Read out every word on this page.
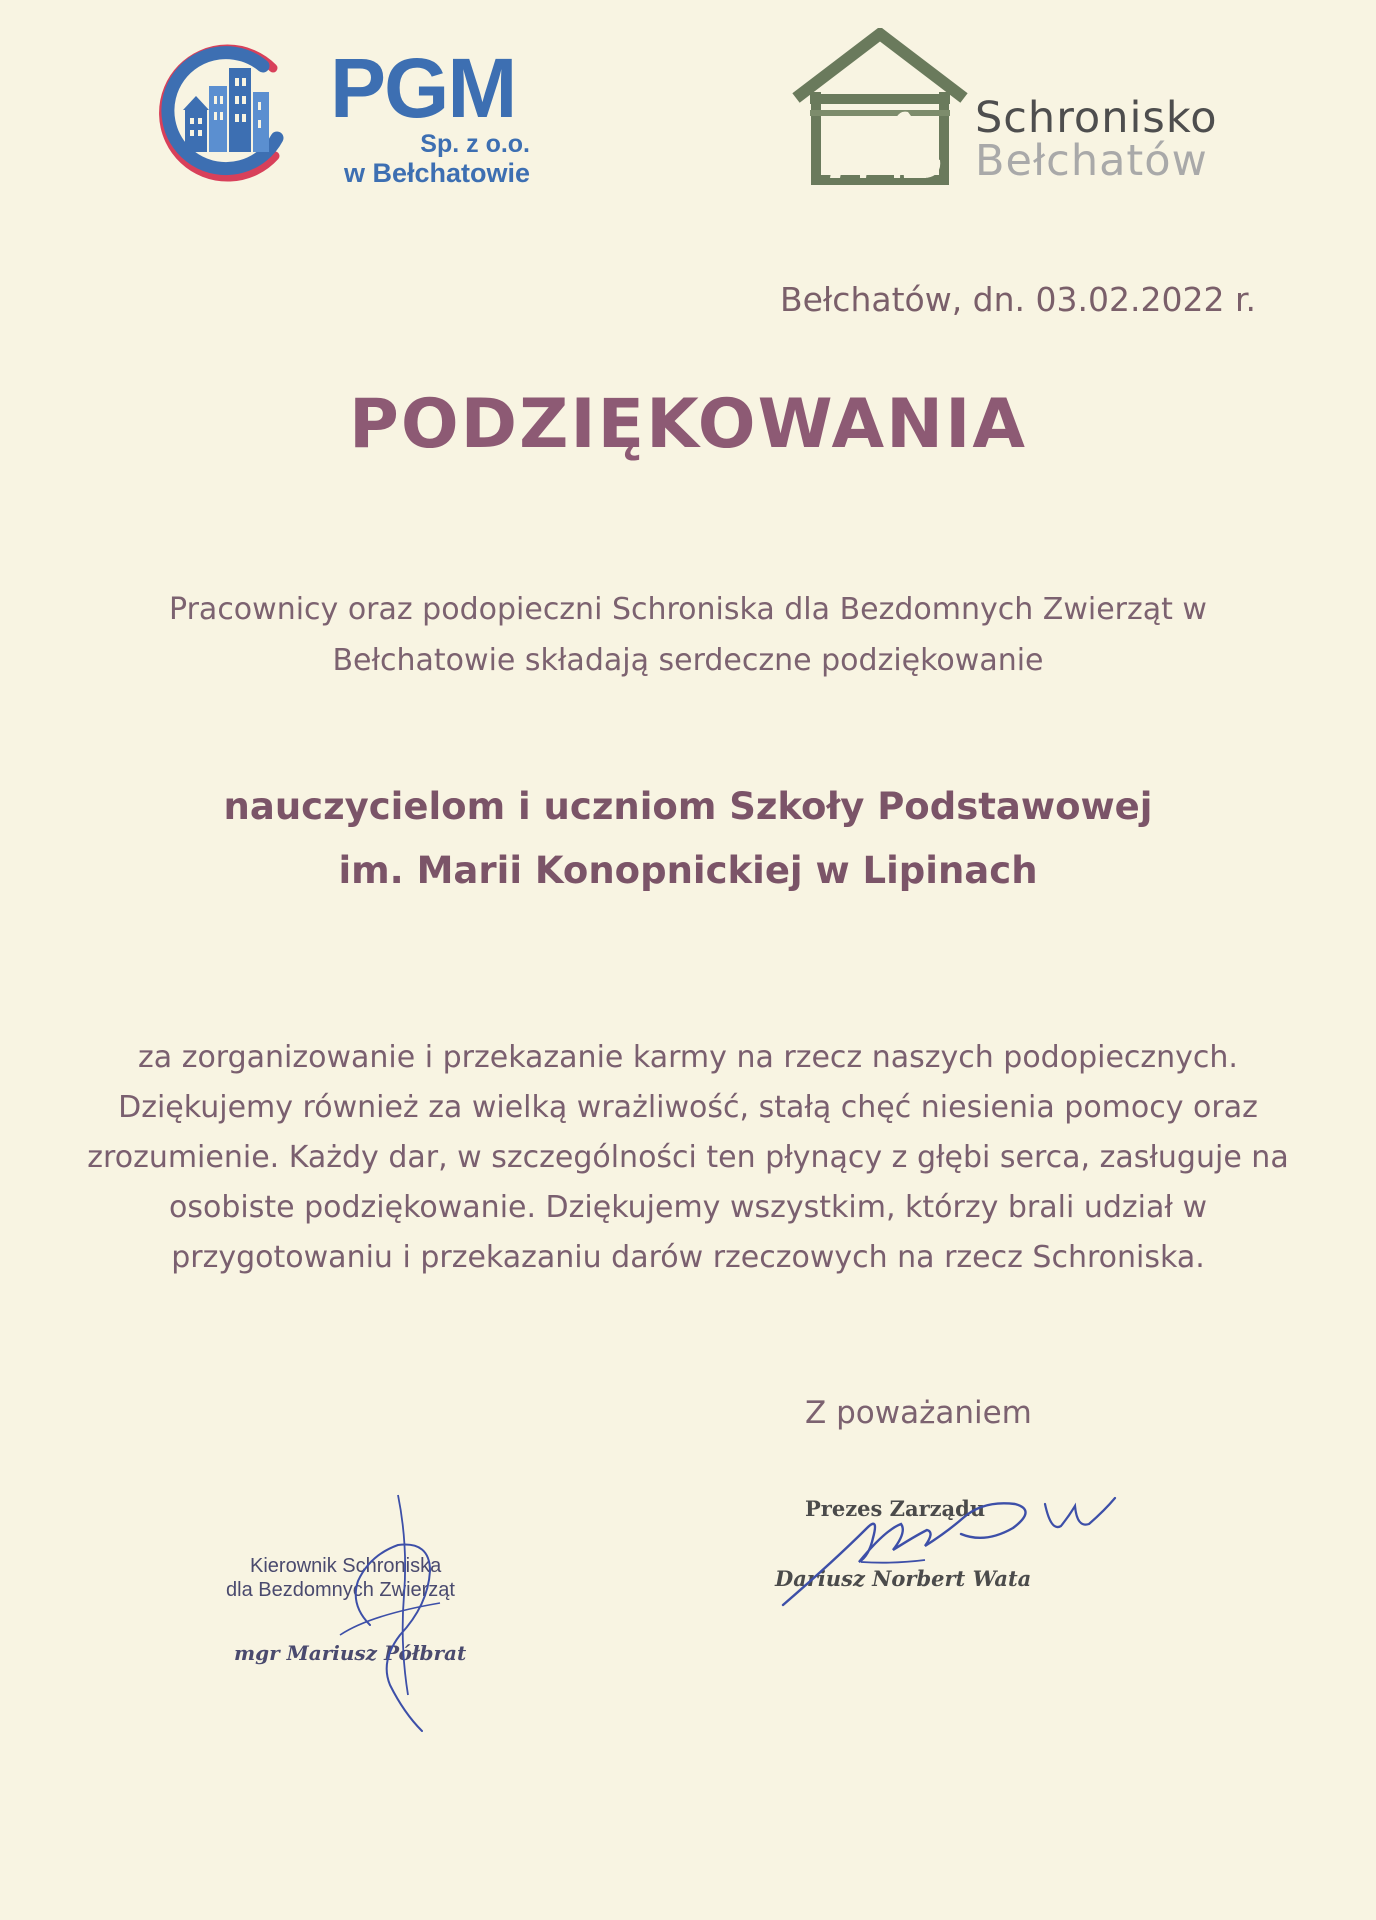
PGM
Sp. z o.o.
w Bełchatowie
Schronisko
Bełchatów
Bełchatów, dn. 03.02.2022 r.
PODZIĘKOWANIA
Pracownicy oraz podopieczni Schroniska dla Bezdomnych Zwierząt w
Bełchatowie składają serdeczne podziękowanie
nauczycielom i uczniom Szkoły Podstawowej
im. Marii Konopnickiej w Lipinach
za zorganizowanie i przekazanie karmy na rzecz naszych podopiecznych.
Dziękujemy również za wielką wrażliwość, stałą chęć niesienia pomocy oraz
zrozumienie. Każdy dar, w szczególności ten płynący z głębi serca, zasługuje na
osobiste podziękowanie. Dziękujemy wszystkim, którzy brali udział w
przygotowaniu i przekazaniu darów rzeczowych na rzecz Schroniska.
Z poważaniem
Prezes Zarządu
Dariusz Norbert Wata
Kierownik Schroniska
dla Bezdomnych Zwierząt
mgr Mariusz Półbrat
